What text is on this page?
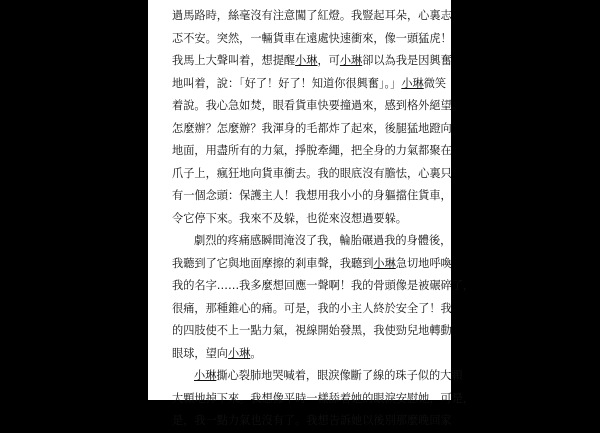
過馬路時，絲毫沒有注意闖了紅燈。我豎起耳朵，心裏志
忑不安。突然，一輛貨車在遠處快速衝來，像一頭猛虎！
我馬上大聲叫着，想提醒小琳，可小琳卻以為我是因興奮
地叫着，說：「好了！好了！知道你很興奮」。」小琳微笑
着說。我心急如焚，眼看貨車快要撞過來，感到格外絕望。
怎麼辦？怎麼辦？我渾身的毛都炸了起來，後腿猛地蹬向
地面，用盡所有的力氣，掙脫牽繩，把全身的力氣都聚在
爪子上，瘋狂地向貨車衝去。我的眼底沒有膽怯，心裏只
有一個念頭：保護主人！我想用我小小的身軀擋住貨車，
令它停下來。我來不及躲，也從來沒想過要躲。
劇烈的疼痛感瞬間淹沒了我，輪胎碾過我的身體後，
我聽到了它與地面摩擦的剎車聲，我聽到小琳急切地呼喚
我的名字……我多麼想回應一聲啊！我的骨頭像是被碾碎了，
很痛，那種錐心的痛。可是，我的小主人終於安全了！我
的四肢使不上一點力氣，視線開始發黑，我使勁兒地轉動
眼球，望向小琳。
小琳撕心裂肺地哭喊着，眼淚像斷了線的珠子似的大顆
大顆地掉下來。我想像平時一樣舔着她的眼淚安慰她，可是，
是，我一點力氣也沒有了。我想告訴她以後別那麼晚回家
